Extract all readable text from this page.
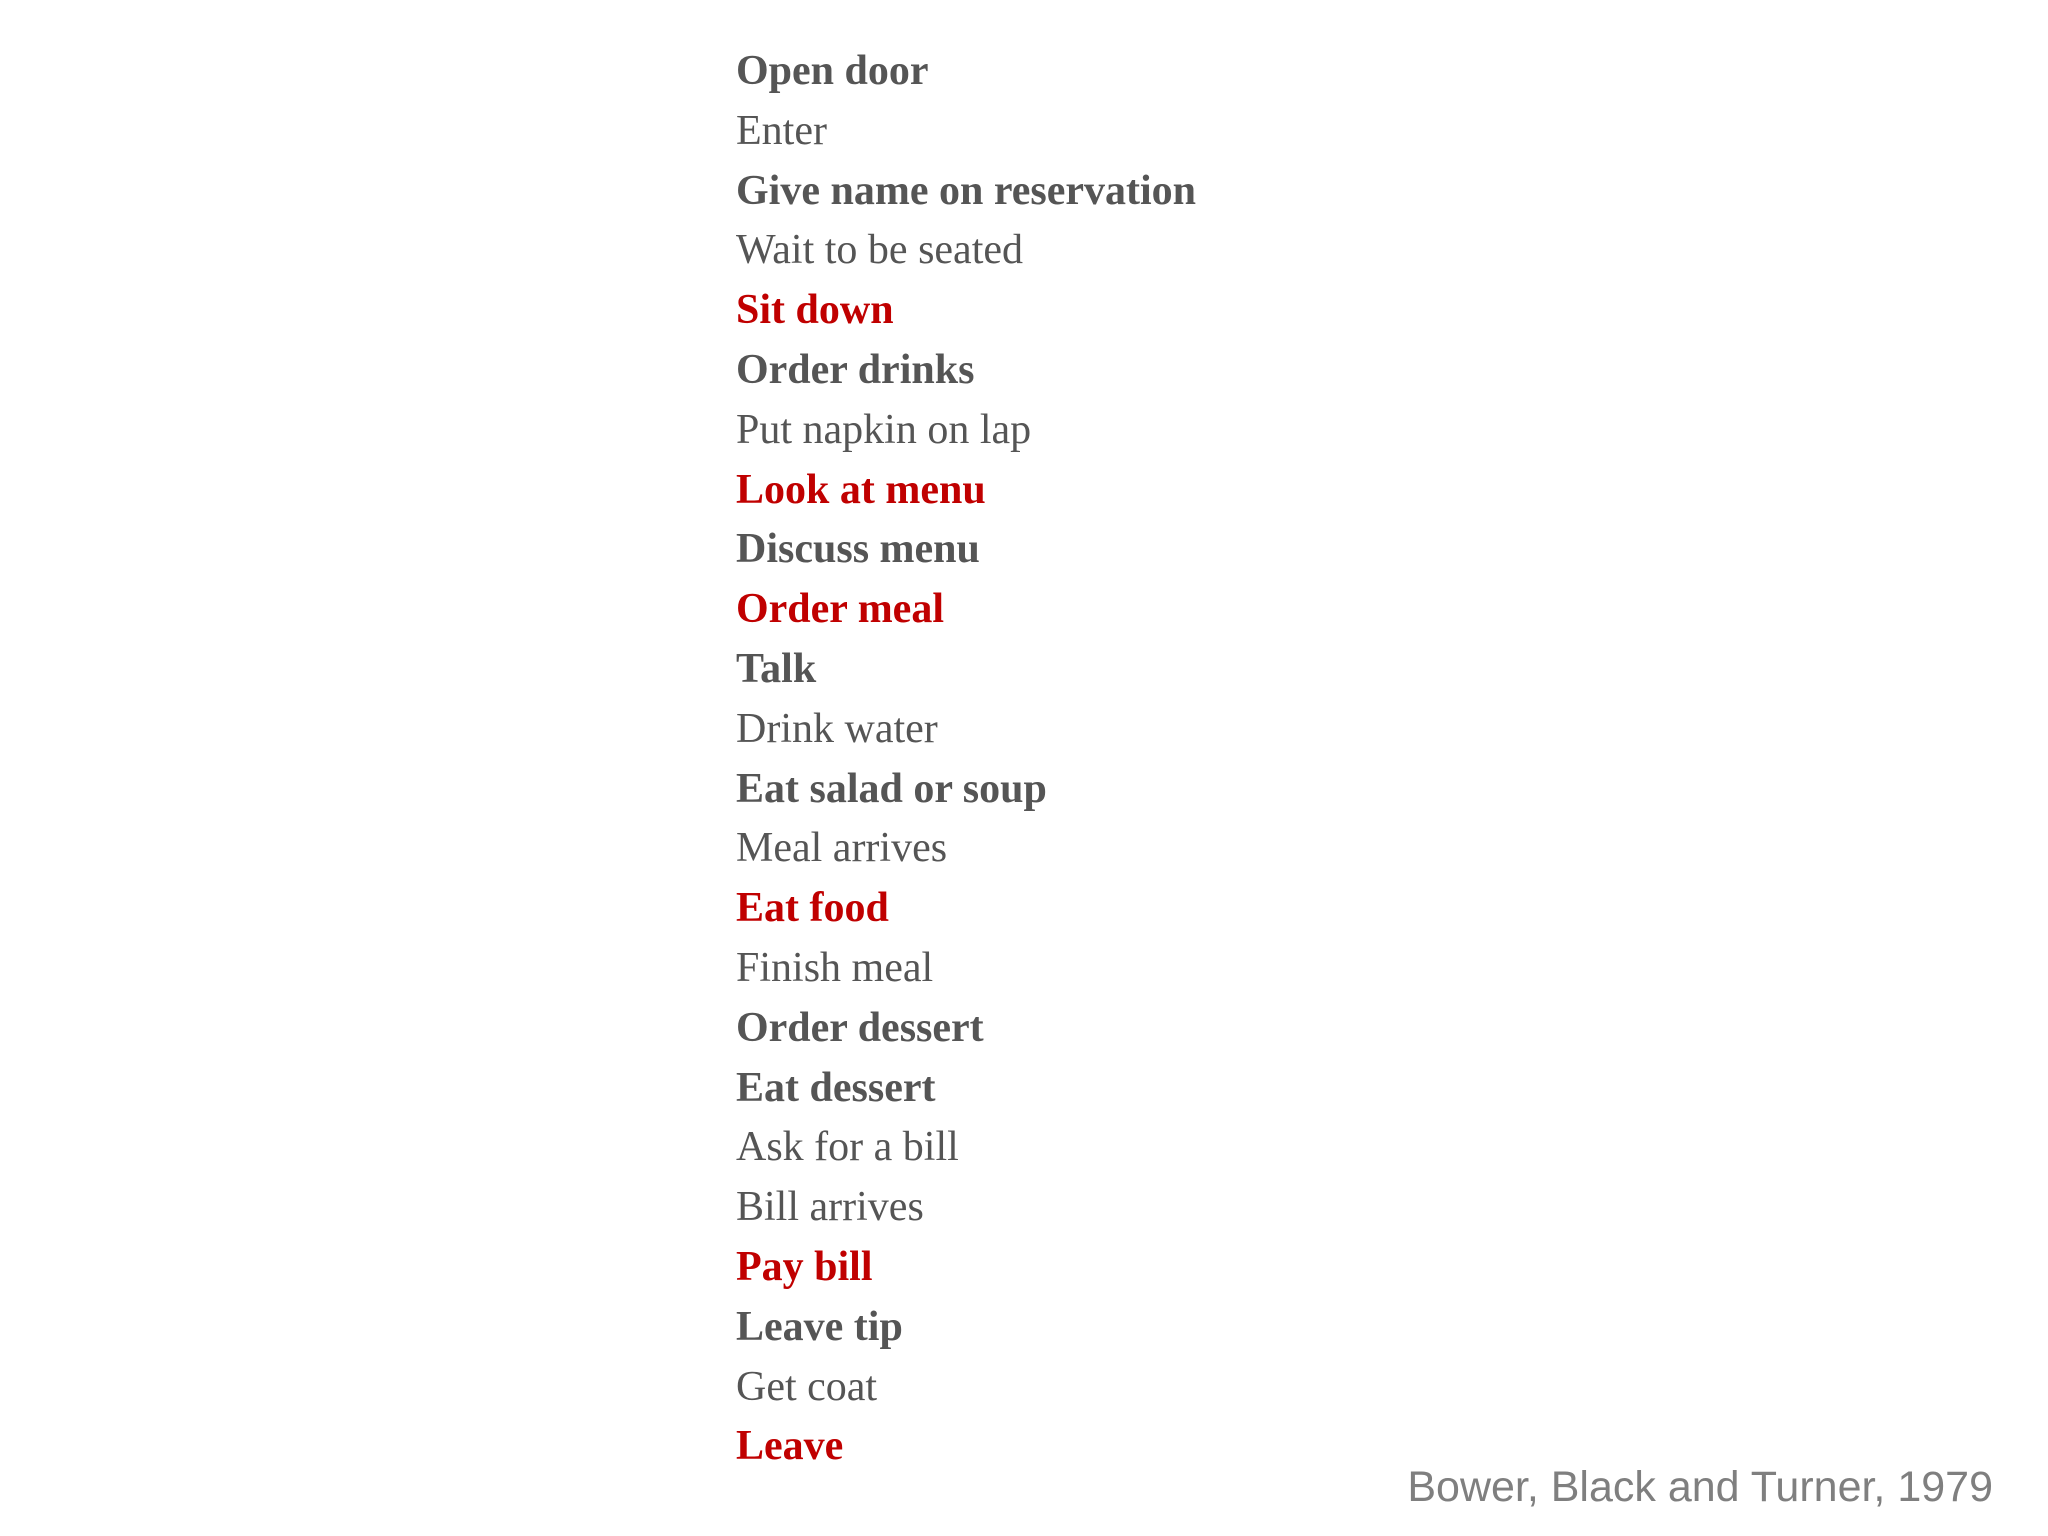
Open door
Enter
Give name on reservation
Wait to be seated
Sit down
Order drinks
Put napkin on lap
Look at menu
Discuss menu
Order meal
Talk
Drink water
Eat salad or soup
Meal arrives
Eat food
Finish meal
Order dessert
Eat dessert
Ask for a bill
Bill arrives
Pay bill
Leave tip
Get coat
Leave
Bower, Black and Turner, 1979
